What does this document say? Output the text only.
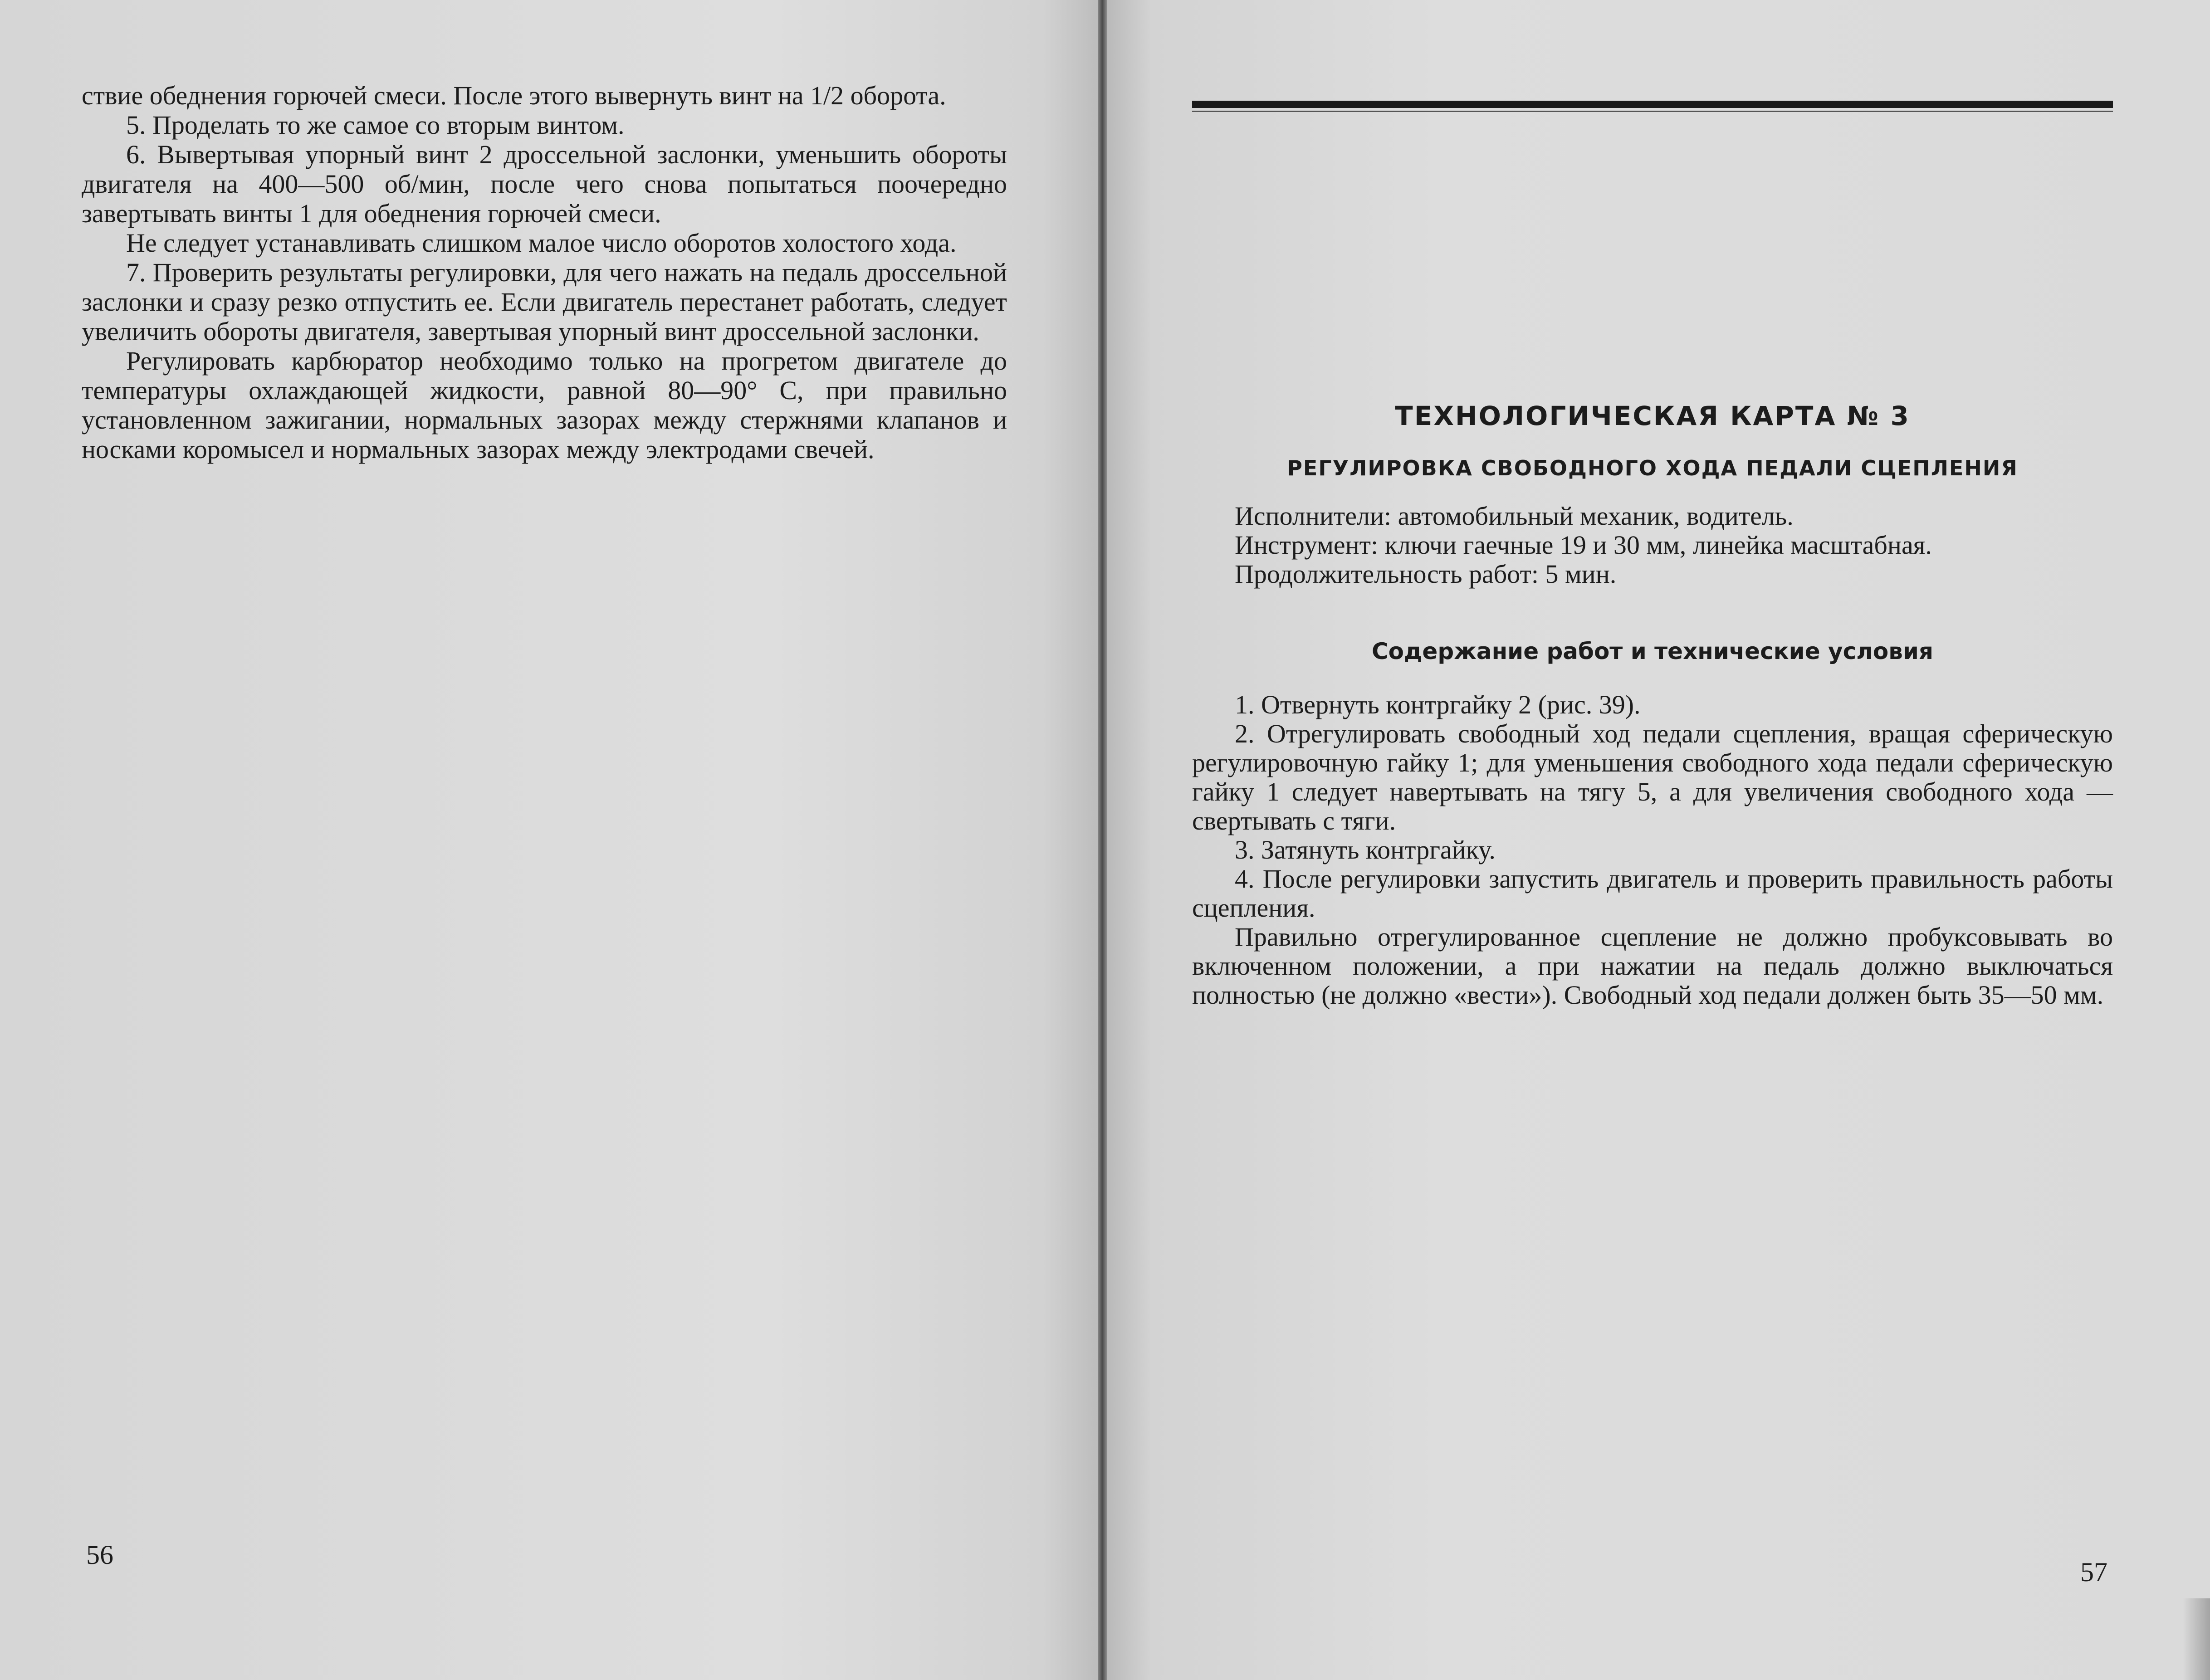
ствие обеднения горючей смеси. После этого вывернуть винт на 1/2 оборота.

5. Проделать то же самое со вторым винтом.

6. Вывертывая упорный винт 2 дроссельной заслонки, уменьшить обороты двигателя на 400—500 об/мин, после чего снова попытаться поочередно завертывать винты 1 для обеднения горючей смеси.

Не следует устанавливать слишком малое число оборотов холостого хода.

7. Проверить результаты регулировки, для чего нажать на педаль дроссельной заслонки и сразу резко отпустить ее. Если двигатель перестанет работать, следует увеличить обороты двигателя, завертывая упорный винт дроссельной заслонки.

Регулировать карбюратор необходимо только на прогретом двигателе до температуры охлаждающей жидкости, равной 80—90° С, при правильно установленном зажигании, нормальных зазорах между стержнями клапанов и носками коромысел и нормальных зазорах между электродами свечей.

56
ТЕХНОЛОГИЧЕСКАЯ КАРТА № 3
РЕГУЛИРОВКА СВОБОДНОГО ХОДА ПЕДАЛИ СЦЕПЛЕНИЯ
Исполнители: автомобильный механик, водитель.
Инструмент: ключи гаечные 19 и 30 мм, линейка масштабная.
Продолжительность работ: 5 мин.
Содержание работ и технические условия

1. Отвернуть контргайку 2 (рис. 39).

2. Отрегулировать свободный ход педали сцепления, вращая сферическую регулировочную гайку 1; для уменьшения свободного хода педали сферическую гайку 1 следует навертывать на тягу 5, а для увеличения свободного хода — свертывать с тяги.

3. Затянуть контргайку.

4. После регулировки запустить двигатель и проверить правильность работы сцепления.

Правильно отрегулированное сцепление не должно пробуксовывать во включенном положении, а при нажатии на педаль должно выключаться полностью (не должно «вести»). Свободный ход педали должен быть 35—50 мм.

57
